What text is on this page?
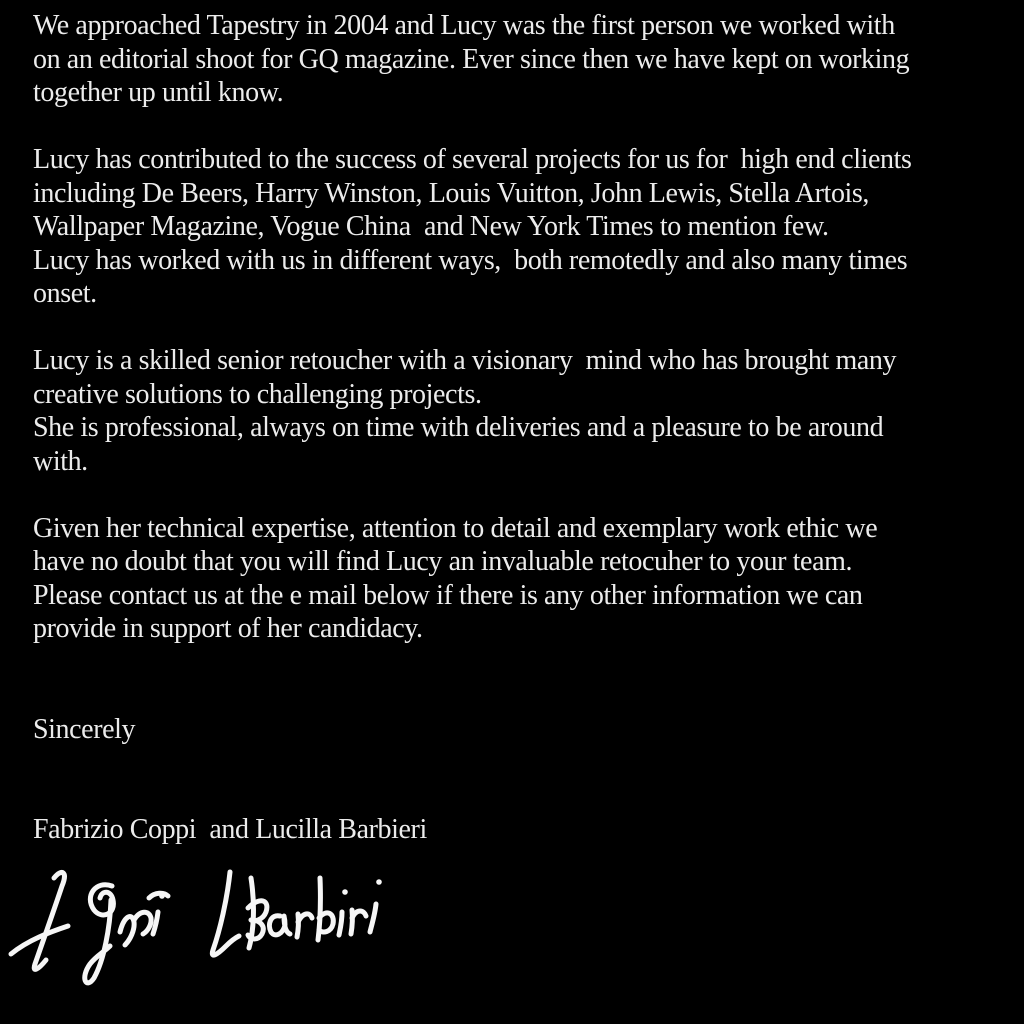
We approached Tapestry in 2004 and Lucy was the first person we worked with
on an editorial shoot for GQ magazine. Ever since then we have kept on working
together up until know.

Lucy has contributed to the success of several projects for us for  high end clients
including De Beers, Harry Winston, Louis Vuitton, John Lewis, Stella Artois,
Wallpaper Magazine, Vogue China  and New York Times to mention few.
Lucy has worked with us in different ways,  both remotedly and also many times
onset.

Lucy is a skilled senior retoucher with a visionary  mind who has brought many
creative solutions to challenging projects.
She is professional, always on time with deliveries and a pleasure to be around
with.

Given her technical expertise, attention to detail and exemplary work ethic we
have no doubt that you will find Lucy an invaluable retocuher to your team.
Please contact us at the e mail below if there is any other information we can
provide in support of her candidacy.

Sincerely

Fabrizio Coppi  and Lucilla Barbieri
